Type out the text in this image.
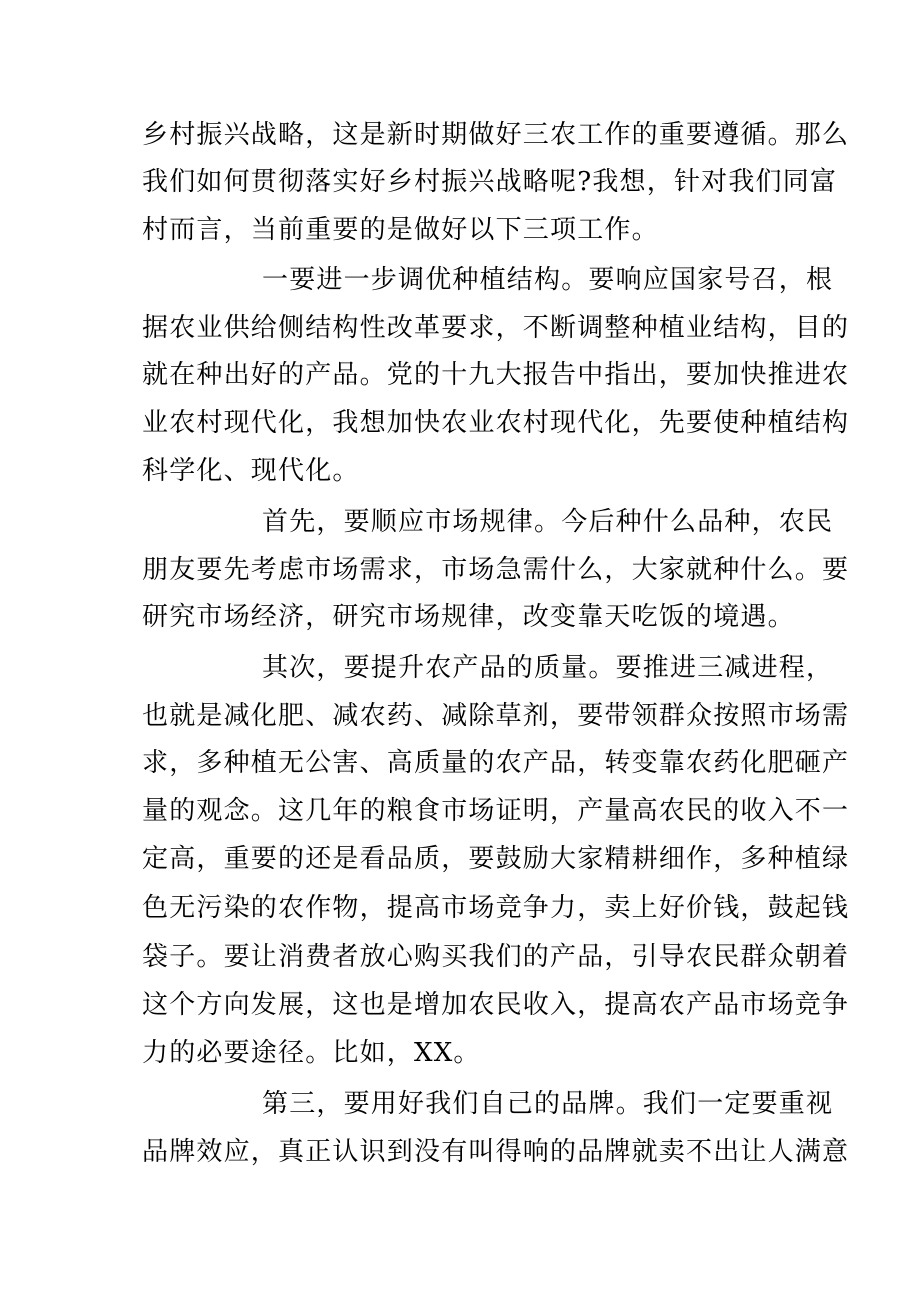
乡村振兴战略，这是新时期做好三农工作的重要遵循。那么
我们如何贯彻落实好乡村振兴战略呢?我想，针对我们同富
村而言，当前重要的是做好以下三项工作。
一要进一步调优种植结构。要响应国家号召，根
据农业供给侧结构性改革要求，不断调整种植业结构，目的
就在种出好的产品。党的十九大报告中指出，要加快推进农
业农村现代化，我想加快农业农村现代化，先要使种植结构
科学化、现代化。
首先，要顺应市场规律。今后种什么品种，农民
朋友要先考虑市场需求，市场急需什么，大家就种什么。要
研究市场经济，研究市场规律，改变靠天吃饭的境遇。
其次，要提升农产品的质量。要推进三减进程，
也就是减化肥、减农药、减除草剂，要带领群众按照市场需
求，多种植无公害、高质量的农产品，转变靠农药化肥砸产
量的观念。这几年的粮食市场证明，产量高农民的收入不一
定高，重要的还是看品质，要鼓励大家精耕细作，多种植绿
色无污染的农作物，提高市场竞争力，卖上好价钱，鼓起钱
袋子。要让消费者放心购买我们的产品，引导农民群众朝着
这个方向发展，这也是增加农民收入，提高农产品市场竞争
力的必要途径。比如，XX。
第三，要用好我们自己的品牌。我们一定要重视
品牌效应，真正认识到没有叫得响的品牌就卖不出让人满意
